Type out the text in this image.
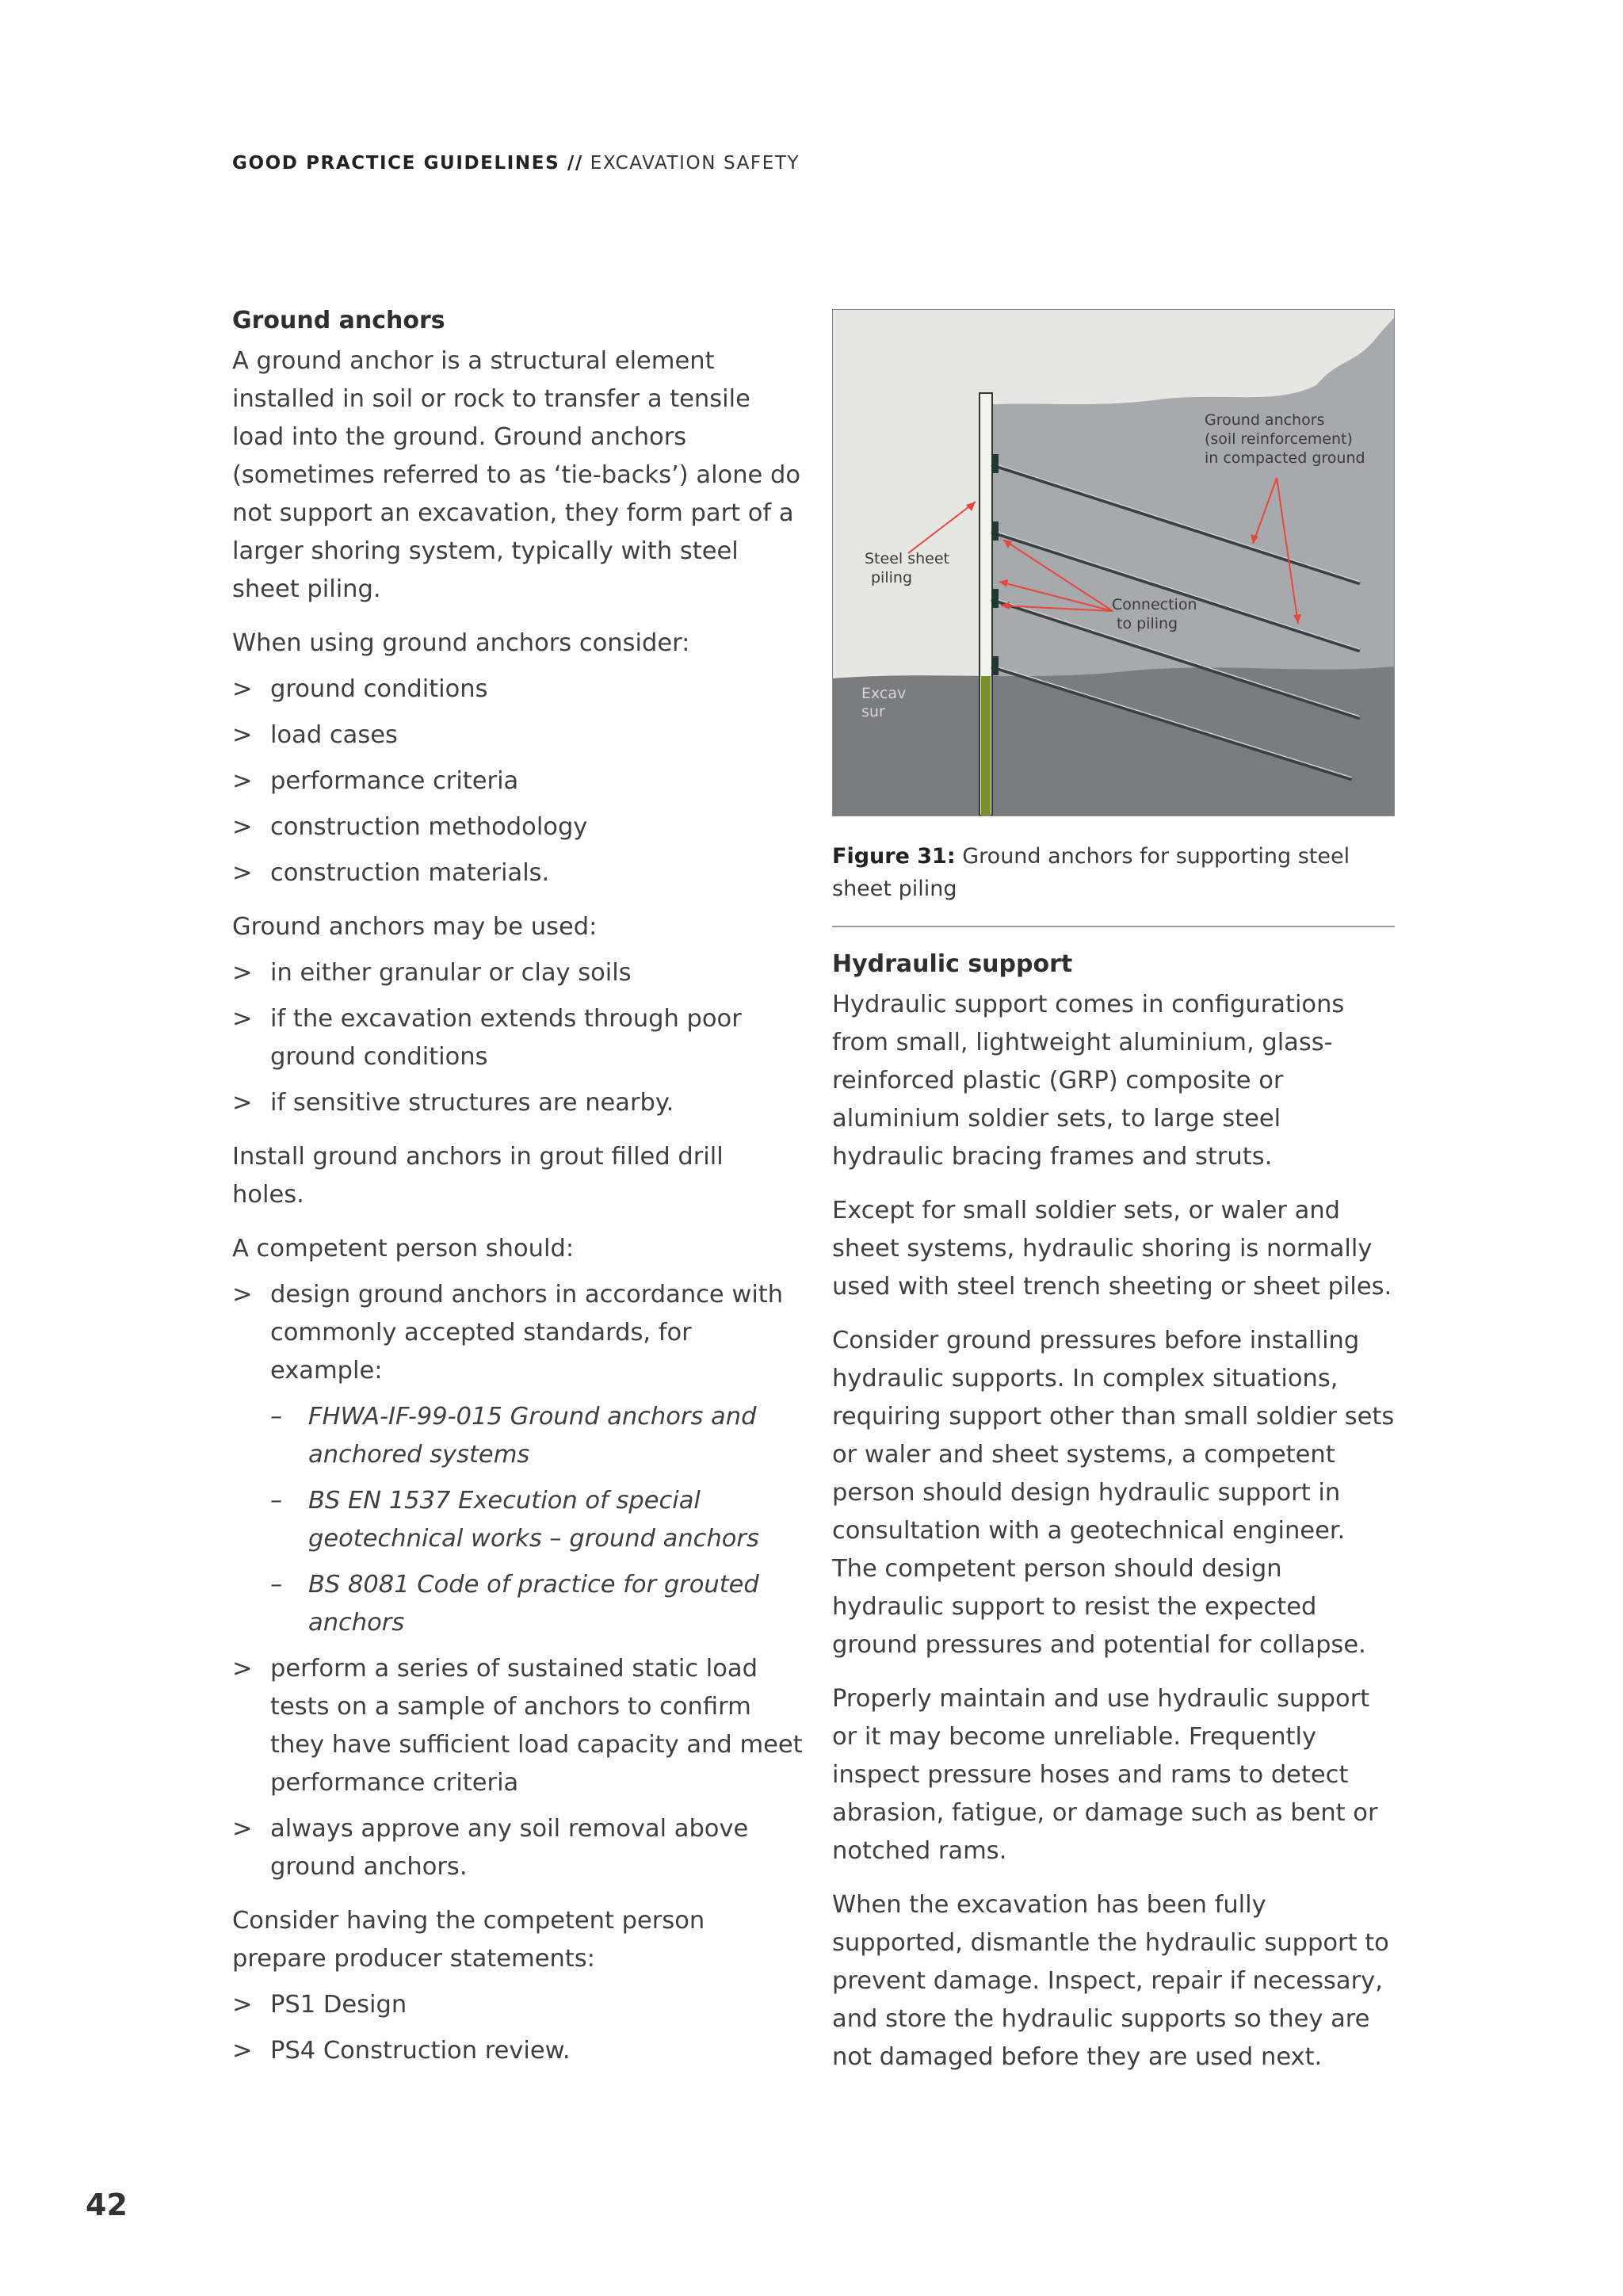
GOOD PRACTICE GUIDELINES // EXCAVATION SAFETY
Ground anchors

A ground anchor is a structural element installed in soil or rock to transfer a tensile load into the ground. Ground anchors (sometimes referred to as ‘tie-backs’) alone do not support an excavation, they form part of a larger shoring system, typically with steel sheet piling.

When using ground anchors consider:

> ground conditions
> load cases
> performance criteria
> construction methodology
> construction materials.

Ground anchors may be used:

> in either granular or clay soils
> if the excavation extends through poor ground conditions
> if sensitive structures are nearby.

Install ground anchors in grout filled drill holes.

A competent person should:

> design ground anchors in accordance with commonly accepted standards, for example:
– FHWA-IF-99-015 Ground anchors and anchored systems
– BS EN 1537 Execution of special geotechnical works – ground anchors
– BS 8081 Code of practice for grouted anchors
> perform a series of sustained static load tests on a sample of anchors to confirm they have sufficient load capacity and meet performance criteria
> always approve any soil removal above ground anchors.

Consider having the competent person prepare producer statements:

> PS1 Design
> PS4 Construction review.
Ground anchors
(soil reinforcement)
in compacted ground
Steel sheet
piling
Connection
to piling
Excav
sur
Figure 31: Ground anchors for supporting steel sheet piling
Hydraulic support

Hydraulic support comes in configurations from small, lightweight aluminium, glass-reinforced plastic (GRP) composite or aluminium soldier sets, to large steel hydraulic bracing frames and struts.

Except for small soldier sets, or waler and sheet systems, hydraulic shoring is normally used with steel trench sheeting or sheet piles.

Consider ground pressures before installing hydraulic supports. In complex situations, requiring support other than small soldier sets or waler and sheet systems, a competent person should design hydraulic support in consultation with a geotechnical engineer. The competent person should design hydraulic support to resist the expected ground pressures and potential for collapse.

Properly maintain and use hydraulic support or it may become unreliable. Frequently inspect pressure hoses and rams to detect abrasion, fatigue, or damage such as bent or notched rams.

When the excavation has been fully supported, dismantle the hydraulic support to prevent damage. Inspect, repair if necessary, and store the hydraulic supports so they are not damaged before they are used next.

42
